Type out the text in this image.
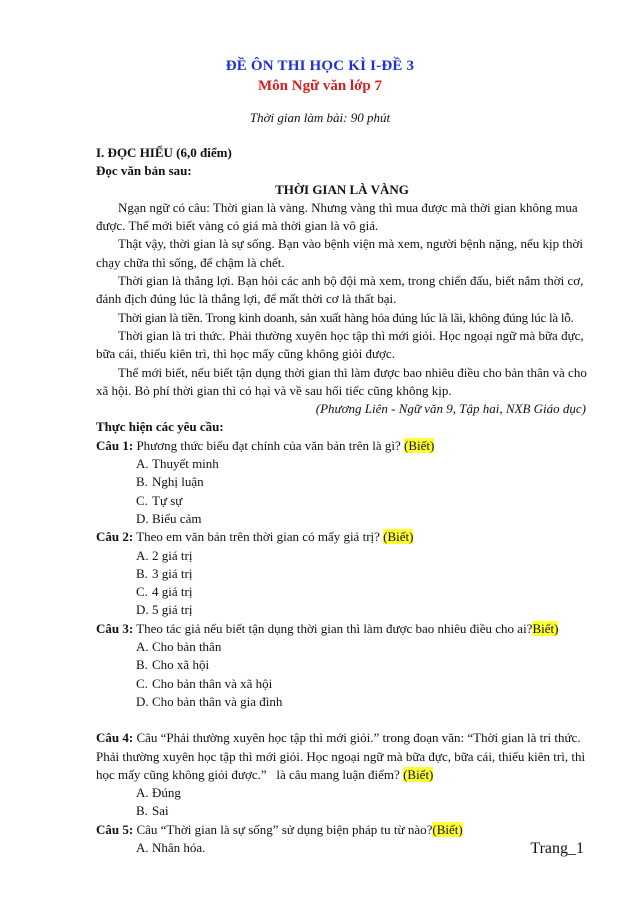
ĐỀ ÔN THI HỌC KÌ I-ĐỀ 3
Môn Ngữ văn lớp 7
Thời gian làm bài: 90 phút
I. ĐỌC HIỂU (6,0 điểm)
Đọc văn bản sau:
THỜI GIAN LÀ VÀNG
Ngạn ngữ có câu: Thời gian là vàng. Nhưng vàng thì mua được mà thời gian không mua
được. Thế mới biết vàng có giá mà thời gian là vô giá.
Thật vậy, thời gian là sự sống. Bạn vào bệnh viện mà xem, người bệnh nặng, nếu kịp thời
chạy chữa thì sống, để chậm là chết.
Thời gian là thắng lợi. Bạn hỏi các anh bộ đội mà xem, trong chiến đấu, biết nắm thời cơ,
đánh địch đúng lúc là thắng lợi, để mất thời cơ là thất bại.
Thời gian là tiền. Trong kinh doanh, sản xuất hàng hóa đúng lúc là lãi, không đúng lúc là lỗ.
Thời gian là tri thức. Phải thường xuyên học tập thì mới giỏi. Học ngoại ngữ mà bữa đực,
bữa cái, thiếu kiên trì, thì học mấy cũng không giỏi được.
Thế mới biết, nếu biết tận dụng thời gian thì làm được bao nhiêu điều cho bản thân và cho
xã hội. Bỏ phí thời gian thì có hại và về sau hối tiếc cũng không kịp.
(Phương Liên - Ngữ văn 9, Tập hai, NXB Giáo dục)
Thực hiện các yêu cầu:
Câu 1: Phương thức biểu đạt chính của văn bản trên là gì? (Biết)
A. Thuyết minh
B. Nghị luận
C. Tự sự
D. Biểu cảm
Câu 2: Theo em văn bản trên thời gian có mấy giá trị? (Biết)
A. 2 giá trị
B. 3 giá trị
C. 4 giá trị
D. 5 giá trị
Câu 3: Theo tác giả nếu biết tận dụng thời gian thì làm được bao nhiêu điều cho ai?Biết)
A. Cho bản thân
B. Cho xã hội
C. Cho bản thân và xã hội
D. Cho bản thân và gia đình
Câu 4: Câu “Phải thường xuyên học tập thì mới giỏi.” trong đoạn văn: “Thời gian là tri thức.
Phải thường xuyên học tập thì mới giỏi. Học ngoại ngữ mà bữa đực, bữa cái, thiếu kiên trì, thì
học mấy cũng không giỏi được.”   là câu mang luận điểm? (Biết)
A. Đúng
B. Sai
Câu 5: Câu “Thời gian là sự sống” sử dụng biện pháp tu từ nào?(Biết)
A. Nhân hóa.	Trang_1
